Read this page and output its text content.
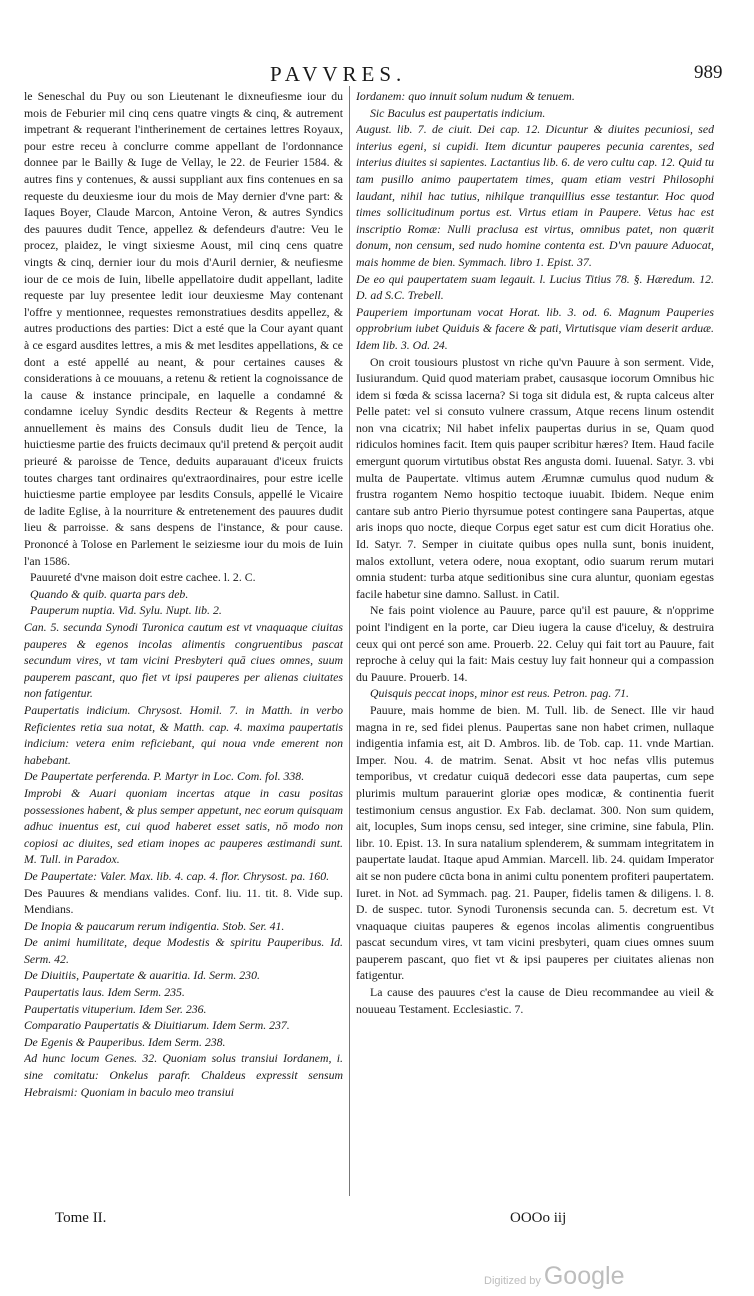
PAVVRES.	989

le Seneschal du Puy ou son Lieutenant le dixneufiesme iour du mois de Feburier mil cinq cens quatre vingts & cinq, & autrement impetrant & requerant l'intherinement de certaines lettres Royaux, pour estre receu à conclurre comme appellant de l'ordonnance donnee par le Bailly & Iuge de Vellay, le 22. de Feurier 1584. & autres fins y contenues, & aussi suppliant aux fins contenues en sa requeste du deuxiesme iour du mois de May dernier d'vne part: & Iaques Boyer, Claude Marcon, Antoine Veron, & autres Syndics des pauures dudit Tence, appellez & defendeurs d'autre: Veu le procez, plaidez, le vingt sixiesme Aoust, mil cinq cens quatre vingts & cinq, dernier iour du mois d'Auril dernier, & neufiesme iour de ce mois de Iuin, libelle appellatoire dudit appellant, ladite requeste par luy presentee ledit iour deuxiesme May contenant l'offre y mentionnee, requestes remonstratiues desdits appellez, & autres productions des parties: Dict a esté que la Cour ayant quant à ce esgard ausdites lettres, a mis & met lesdites appellations, & ce dont a esté appellé au neant, & pour certaines causes & considerations à ce mouuans, a retenu & retient la cognoissance de la cause & instance principale, en laquelle a condamné & condamne iceluy Syndic desdits Recteur & Regents à mettre annuellement ès mains des Consuls dudit lieu de Tence, la huictiesme partie des fruicts decimaux qu'il pretend & perçoit audit prieuré & paroisse de Tence, deduits auparauant d'iceux fruicts toutes charges tant ordinaires qu'extraordinaires, pour estre icelle huictiesme partie employee par lesdits Consuls, appellé le Vicaire de ladite Eglise, à la nourriture & entretenement des pauures dudit lieu & parroisse. & sans despens de l'instance, & pour cause. Prononcé à Tolose en Parlement le seiziesme iour du mois de Iuin l'an 1586.

Pauureté d'vne maison doit estre cachee. l. 2. C.

Quando & quib. quarta pars deb.

Pauperum nuptia. Vid. Sylu. Nupt. lib. 2.

Can. 5. secunda Synodi Turonica cautum est vt vnaquaque ciuitas pauperes & egenos incolas alimentis congruentibus pascat secundum vires, vt tam vicini Presbyteri quā ciues omnes, suum pauperem pascant, quo fiet vt ipsi pauperes per alienas ciuitates non fatigentur.

Paupertatis indicium. Chrysost. Homil. 7. in Matth. in verbo Reficientes retia sua notat, & Matth. cap. 4. maxima paupertatis indicium: vetera enim reficiebant, qui noua vnde emerent non habebant.

De Paupertate perferenda. P. Martyr in Loc. Com. fol. 338.

Improbi & Auari quoniam incertas atque in casu positas possessiones habent, & plus semper appetunt, nec eorum quisquam adhuc inuentus est, cui quod haberet esset satis, nō modo non copiosi ac diuites, sed etiam inopes ac pauperes æstimandi sunt. M. Tull. in Paradox.

De Paupertate: Valer. Max. lib. 4. cap. 4. flor. Chrysost. pa. 160.

Des Pauures & mendians valides. Conf. liu. 11. tit. 8. Vide sup. Mendians.

De Inopia & paucarum rerum indigentia. Stob. Ser. 41.

De animi humilitate, deque Modestis & spiritu Pauperibus. Id. Serm. 42.

De Diuitiis, Paupertate & auaritia. Id. Serm. 230.

Paupertatis laus. Idem Serm. 235.

Paupertatis vituperium. Idem Ser. 236.

Comparatio Paupertatis & Diuitiarum. Idem Serm. 237.

De Egenis & Pauperibus. Idem Serm. 238.

Ad hunc locum Genes. 32. Quoniam solus transiui Iordanem, i. sine comitatu: Onkelus parafr. Chaldeus expressit sensum Hebraismi: Quoniam in baculo meo transiui

Iordanem: quo innuit solum nudum & tenuem.

Sic Baculus est paupertatis indicium.

August. lib. 7. de ciuit. Dei cap. 12. Dicuntur & diuites pecuniosi, sed interius egeni, si cupidi. Item dicuntur pauperes pecunia carentes, sed interius diuites si sapientes. Lactantius lib. 6. de vero cultu cap. 12. Quid tu tam pusillo animo paupertatem times, quam etiam vestri Philosophi laudant, nihil hac tutius, nihilque tranquillius esse testantur. Hoc quod times sollicitudinum portus est. Virtus etiam in Paupere. Vetus hac est inscriptio Romæ: Nulli praclusa est virtus, omnibus patet, non quærit donum, non censum, sed nudo homine contenta est. D'vn pauure Aduocat, mais homme de bien. Symmach. libro 1. Epist. 37.

De eo qui paupertatem suam legauit. l. Lucius Titius 78. §. Hæredum. 12. D. ad S.C. Trebell.

Pauperiem importunam vocat Horat. lib. 3. od. 6. Magnum Pauperies opprobrium iubet Quiduis & facere & pati, Virtutisque viam deserit arduæ. Idem lib. 3. Od. 24.

On croit tousiours plustost vn riche qu'vn Pauure à son serment. Vide, Iusiurandum. Quid quod materiam prabet, causasque iocorum Omnibus hic idem si fœda & scissa lacerna? Si toga sit didula est, & rupta calceus alter Pelle patet: vel si consuto vulnere crassum, Atque recens linum ostendit non vna cicatrix; Nil habet infelix paupertas durius in se, Quam quod ridiculos homines facit. Item quis pauper scribitur hæres? Item. Haud facile emergunt quorum virtutibus obstat Res angusta domi. Iuuenal. Satyr. 3. vbi multa de Paupertate. vltimus autem Ærumnæ cumulus quod nudum & frustra rogantem Nemo hospitio tectoque iuuabit. Ibidem. Neque enim cantare sub antro Pierio thyrsumue potest contingere sana Paupertas, atque aris inops quo nocte, dieque Corpus eget satur est cum dicit Horatius ohe. Id. Satyr. 7. Semper in ciuitate quibus opes nulla sunt, bonis inuident, malos extollunt, vetera odere, noua exoptant, odio suarum rerum mutari omnia student: turba atque seditionibus sine cura aluntur, quoniam egestas facile habetur sine damno. Sallust. in Catil.

Ne fais point violence au Pauure, parce qu'il est pauure, & n'opprime point l'indigent en la porte, car Dieu iugera la cause d'iceluy, & destruira ceux qui ont percé son ame. Prouerb. 22. Celuy qui fait tort au Pauure, fait reproche à celuy qui la fait: Mais cestuy luy fait honneur qui a compassion du Pauure. Prouerb. 14.

Quisquis peccat inops, minor est reus. Petron. pag. 71.

Pauure, mais homme de bien. M. Tull. lib. de Senect. Ille vir haud magna in re, sed fidei plenus. Paupertas sane non habet crimen, nullaque indigentia infamia est, ait D. Ambros. lib. de Tob. cap. 11. vnde Martian. Imper. Nou. 4. de matrim. Senat. Absit vt hoc nefas vllis putemus temporibus, vt credatur cuiquā dedecori esse data paupertas, cum sepe plurimis multum parauerint gloriæ opes modicæ, & continentia fuerit testimonium census angustior. Ex Fab. declamat. 300. Non sum quidem, ait, locuples, Sum inops censu, sed integer, sine crimine, sine fabula, Plin. libr. 10. Epist. 13. In sura natalium splenderem, & summam integritatem in paupertate laudat. Itaque apud Ammian. Marcell. lib. 24. quidam Imperator ait se non pudere cūcta bona in animi cultu ponentem profiteri paupertatem. Iuret. in Not. ad Symmach. pag. 21. Pauper, fidelis tamen & diligens. l. 8. D. de suspec. tutor. Synodi Turonensis secunda can. 5. decretum est. Vt vnaquaque ciuitas pauperes & egenos incolas alimentis congruentibus pascat secundum vires, vt tam vicini presbyteri, quam ciues omnes suum pauperem pascant, quo fiet vt & ipsi pauperes per ciuitates alienas non fatigentur.

La cause des pauures c'est la cause de Dieu recommandee au vieil & nouueau Testament. Ecclesiastic. 7.

Tome II.	OOOo iij
Digitized by Google
